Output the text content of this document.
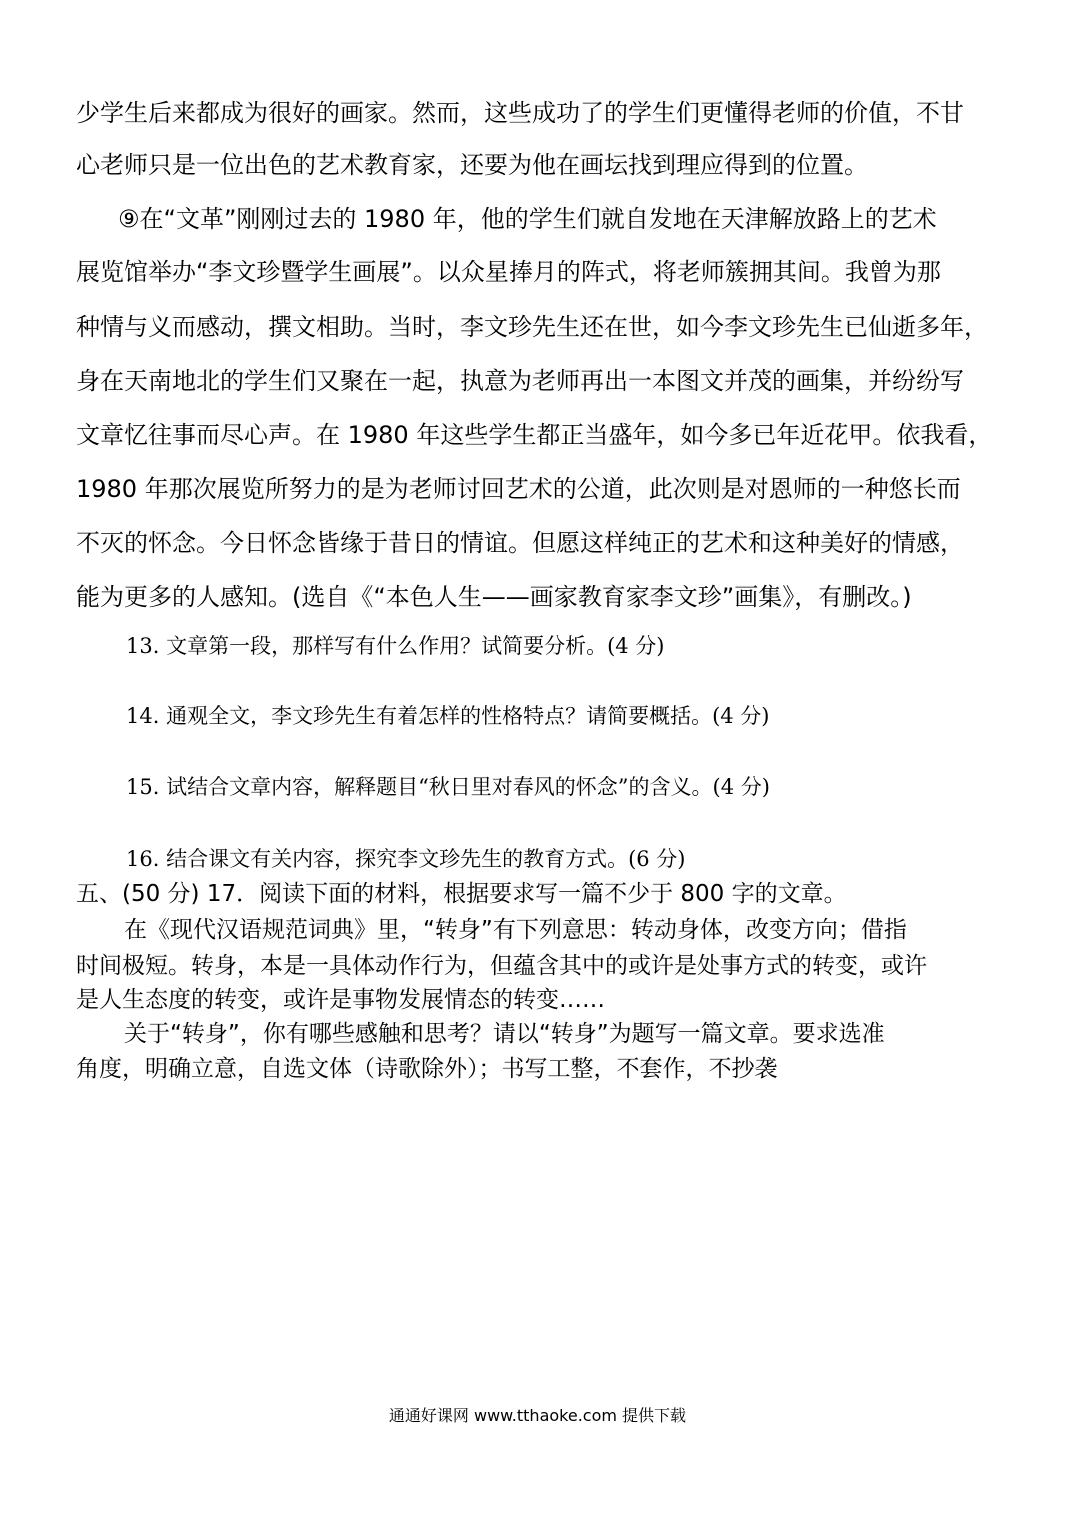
少学生后来都成为很好的画家。然而，这些成功了的学生们更懂得老师的价值，不甘
心老师只是一位出色的艺术教育家，还要为他在画坛找到理应得到的位置。
⑨在“文革”刚刚过去的 1980 年，他的学生们就自发地在天津解放路上的艺术
展览馆举办“李文珍暨学生画展”。以众星捧月的阵式，将老师簇拥其间。我曾为那
种情与义而感动，撰文相助。当时，李文珍先生还在世，如今李文珍先生已仙逝多年，
身在天南地北的学生们又聚在一起，执意为老师再出一本图文并茂的画集，并纷纷写
文章忆往事而尽心声。在 1980 年这些学生都正当盛年，如今多已年近花甲。依我看，
1980 年那次展览所努力的是为老师讨回艺术的公道，此次则是对恩师的一种悠长而
不灭的怀念。今日怀念皆缘于昔日的情谊。但愿这样纯正的艺术和这种美好的情感，
能为更多的人感知。(选自《“本色人生——画家教育家李文珍”画集》，有删改。)
13. 文章第一段，那样写有什么作用？试简要分析。(4 分)
14. 通观全文，李文珍先生有着怎样的性格特点？请简要概括。(4 分)
15. 试结合文章内容，解释题目“秋日里对春风的怀念”的含义。(4 分)
16. 结合课文有关内容，探究李文珍先生的教育方式。(6 分)
五、(50 分) 17．阅读下面的材料，根据要求写一篇不少于 800 字的文章。
在《现代汉语规范词典》里，“转身”有下列意思：转动身体，改变方向；借指
时间极短。转身，本是一具体动作行为，但蕴含其中的或许是处事方式的转变，或许
是人生态度的转变，或许是事物发展情态的转变……
关于“转身”，你有哪些感触和思考？请以“转身”为题写一篇文章。要求选准
角度，明确立意，自选文体（诗歌除外）；书写工整，不套作，不抄袭
通通好课网 www.tthaoke.com 提供下载
